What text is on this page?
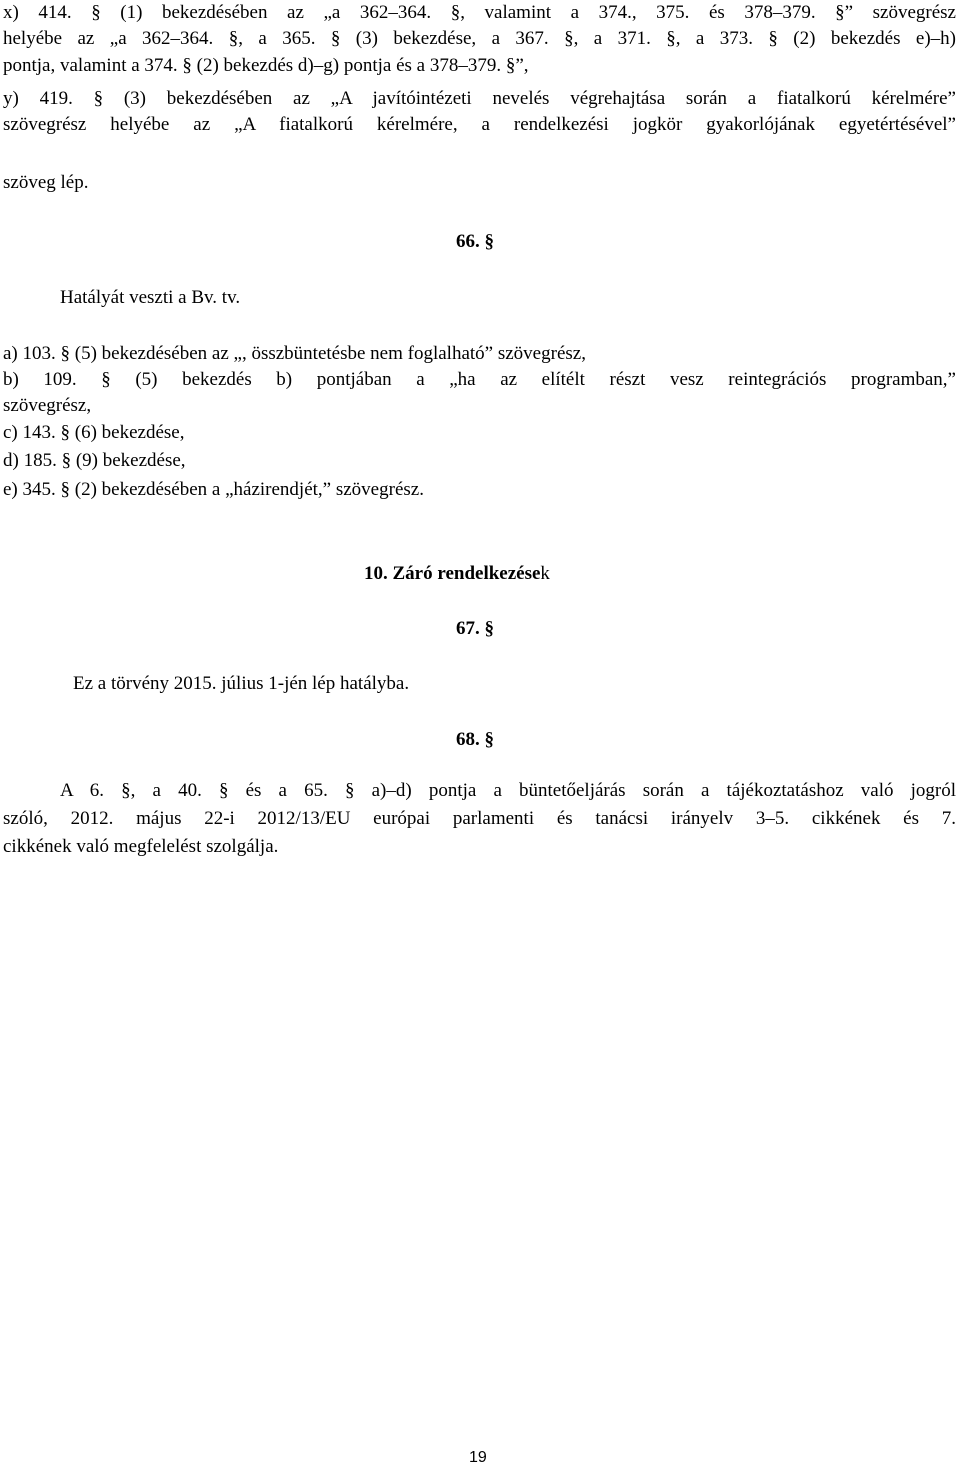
x) 414. § (1) bekezdésében az „a 362–364. §, valamint a 374., 375. és 378–379. §” szövegrész
helyébe az „a 362–364. §, a 365. § (3) bekezdése, a 367. §, a 371. §, a 373. § (2) bekezdés e)–h)
pontja, valamint a 374. § (2) bekezdés d)–g) pontja és a 378–379. §”,
y) 419. § (3) bekezdésében az „A javítóintézeti nevelés végrehajtása során a fiatalkorú kérelmére”
szövegrész helyébe az „A fiatalkorú kérelmére, a rendelkezési jogkör gyakorlójának egyetértésével”
szöveg lép.
66. §
Hatályát veszti a Bv. tv.
a) 103. § (5) bekezdésében az „, összbüntetésbe nem foglalható” szövegrész,
b) 109. § (5) bekezdés b) pontjában a „ha az elítélt részt vesz reintegrációs programban,”
szövegrész,
c) 143. § (6) bekezdése,
d) 185. § (9) bekezdése,
e) 345. § (2) bekezdésében a „házirendjét,” szövegrész.
10. Záró rendelkezések
67. §
Ez a törvény 2015. július 1-jén lép hatályba.
68. §
A 6. §, a 40. § és a 65. § a)–d) pontja a büntetőeljárás során a tájékoztatáshoz való jogról
szóló, 2012. május 22-i 2012/13/EU európai parlamenti és tanácsi irányelv 3–5. cikkének és 7.
cikkének való megfelelést szolgálja.
19
